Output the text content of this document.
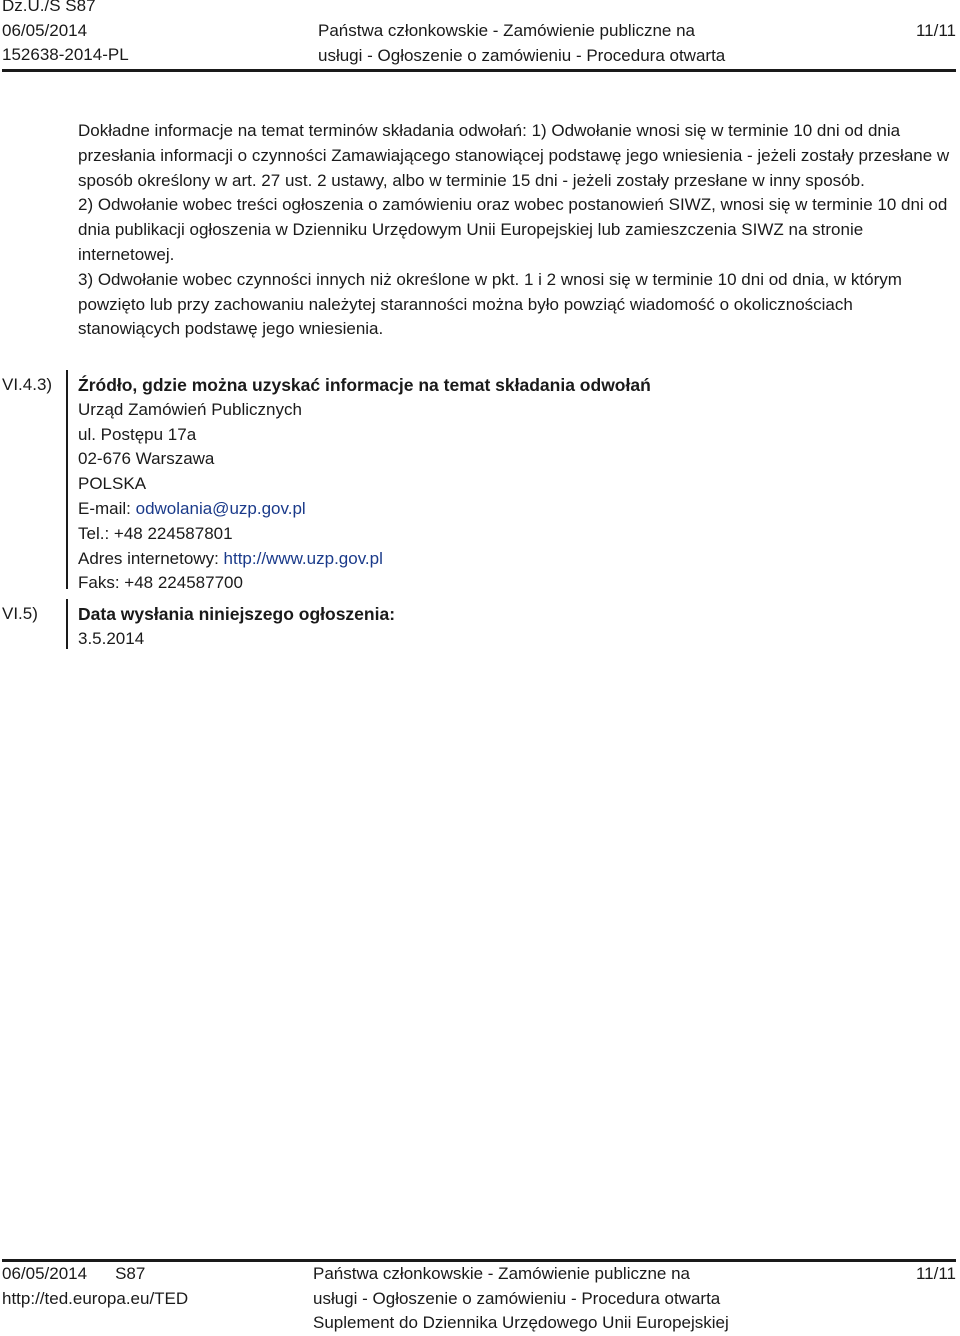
Dz.U./S S87
06/05/2014
152638-2014-PL
Państwa członkowskie - Zamówienie publiczne na
usługi - Ogłoszenie o zamówieniu - Procedura otwarta
11/11

Dokładne informacje na temat terminów składania odwołań: 1) Odwołanie wnosi się w terminie 10 dni od dnia przesłania informacji o czynności Zamawiającego stanowiącej podstawę jego wniesienia - jeżeli zostały przesłane w sposób określony w art. 27 ust. 2 ustawy, albo w terminie 15 dni - jeżeli zostały przesłane w inny sposób.

2) Odwołanie wobec treści ogłoszenia o zamówieniu oraz wobec postanowień SIWZ, wnosi się w terminie 10 dni od dnia publikacji ogłoszenia w Dzienniku Urzędowym Unii Europejskiej lub zamieszczenia SIWZ na stronie internetowej.

3) Odwołanie wobec czynności innych niż określone w pkt. 1 i 2 wnosi się w terminie 10 dni od dnia, w którym powzięto lub przy zachowaniu należytej staranności można było powziąć wiadomość o okolicznościach stanowiących podstawę jego wniesienia.

VI.4.3) Źródło, gdzie można uzyskać informacje na temat składania odwołań

Urząd Zamówień Publicznych

ul. Postępu 17a

02-676 Warszawa

POLSKA

E-mail: odwolania@uzp.gov.pl

Tel.: +48 224587801

Adres internetowy: http://www.uzp.gov.pl

Faks: +48 224587700

VI.5) Data wysłania niniejszego ogłoszenia:

3.5.2014

06/05/2014 S87
http://ted.europa.eu/TED
Państwa członkowskie - Zamówienie publiczne na
usługi - Ogłoszenie o zamówieniu - Procedura otwarta
Suplement do Dziennika Urzędowego Unii Europejskiej
11/11
